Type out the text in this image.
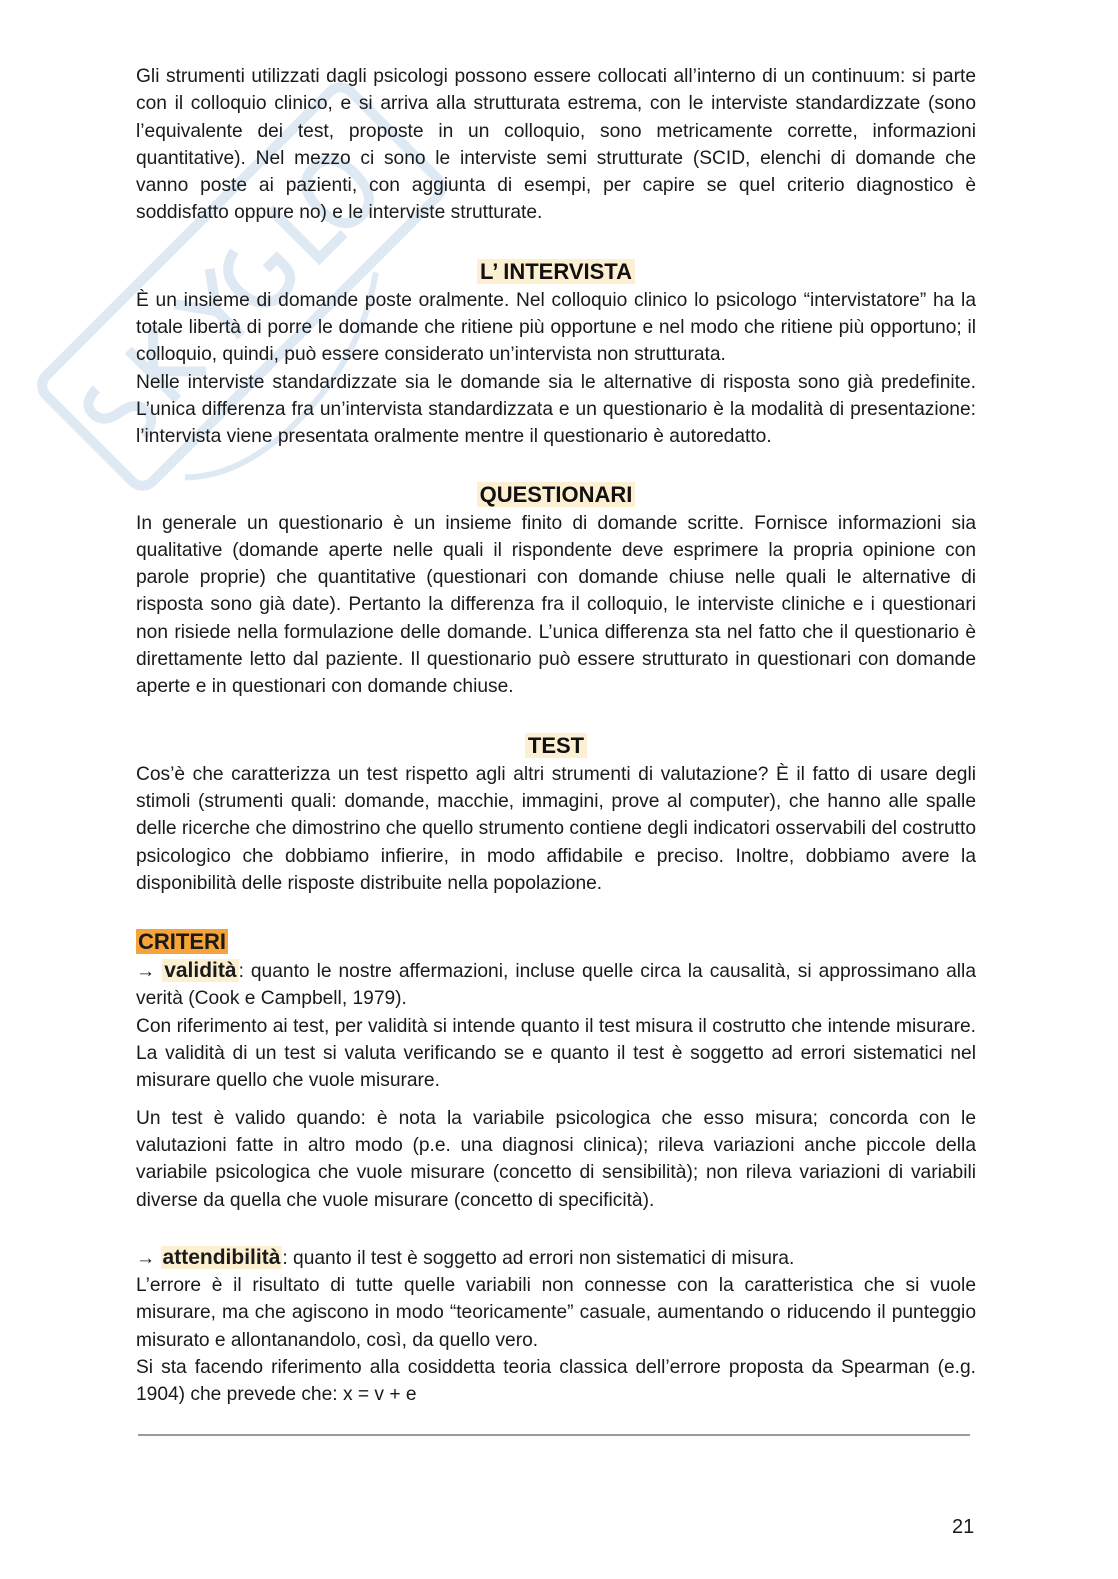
Gli strumenti utilizzati dagli psicologi possono essere collocati all’interno di un continuum: si parte con il colloquio clinico, e si arriva alla strutturata estrema, con le interviste standardizzate (sono l’equivalente dei test, proposte in un colloquio, sono metricamente corrette, informazioni quantitative). Nel mezzo ci sono le interviste semi strutturate (SCID, elenchi di domande che vanno poste ai pazienti, con aggiunta di esempi, per capire se quel criterio diagnostico è soddisfatto oppure no) e le interviste strutturate.

L’ INTERVISTA

È un insieme di domande poste oralmente. Nel colloquio clinico lo psicologo “intervistatore” ha la totale libertà di porre le domande che ritiene più opportune e nel modo che ritiene più opportuno; il colloquio, quindi, può essere considerato un’intervista non strutturata.

Nelle interviste standardizzate sia le domande sia le alternative di risposta sono già predefinite. L’unica differenza fra un’intervista standardizzata e un questionario è la modalità di presentazione: l’intervista viene presentata oralmente mentre il questionario è autoredatto.

QUESTIONARI

In generale un questionario è un insieme finito di domande scritte. Fornisce informazioni sia qualitative (domande aperte nelle quali il rispondente deve esprimere la propria opinione con parole proprie) che quantitative (questionari con domande chiuse nelle quali le alternative di risposta sono già date). Pertanto la differenza fra il colloquio, le interviste cliniche e i questionari non risiede nella formulazione delle domande. L’unica differenza sta nel fatto che il questionario è direttamente letto dal paziente. Il questionario può essere strutturato in questionari con domande aperte e in questionari con domande chiuse.

TEST

Cos’è che caratterizza un test rispetto agli altri strumenti di valutazione? È il fatto di usare degli stimoli (strumenti quali: domande, macchie, immagini, prove al computer), che hanno alle spalle delle ricerche che dimostrino che quello strumento contiene degli indicatori osservabili del costrutto psicologico che dobbiamo infierire, in modo affidabile e preciso. Inoltre, dobbiamo avere la disponibilità delle risposte distribuite nella popolazione.

CRITERI

→ validità : quanto le nostre affermazioni, incluse quelle circa la causalità, si approssimano alla verità (Cook e Campbell, 1979).

Con riferimento ai test, per validità si intende quanto il test misura il costrutto che intende misurare. La validità di un test si valuta verificando se e quanto il test è soggetto ad errori sistematici nel misurare quello che vuole misurare.

Un test è valido quando: è nota la variabile psicologica che esso misura; concorda con le valutazioni fatte in altro modo (p.e. una diagnosi clinica); rileva variazioni anche piccole della variabile psicologica che vuole misurare (concetto di sensibilità); non rileva variazioni di variabili diverse da quella che vuole misurare (concetto di specificità).

→ attendibilità : quanto il test è soggetto ad errori non sistematici di misura.

L’errore è il risultato di tutte quelle variabili non connesse con la caratteristica che si vuole misurare, ma che agiscono in modo “teoricamente” casuale, aumentando o riducendo il punteggio misurato e allontanandolo, così, da quello vero.

Si sta facendo riferimento alla cosiddetta teoria classica dell’errore proposta da Spearman (e.g. 1904) che prevede che: x = v + e

21
